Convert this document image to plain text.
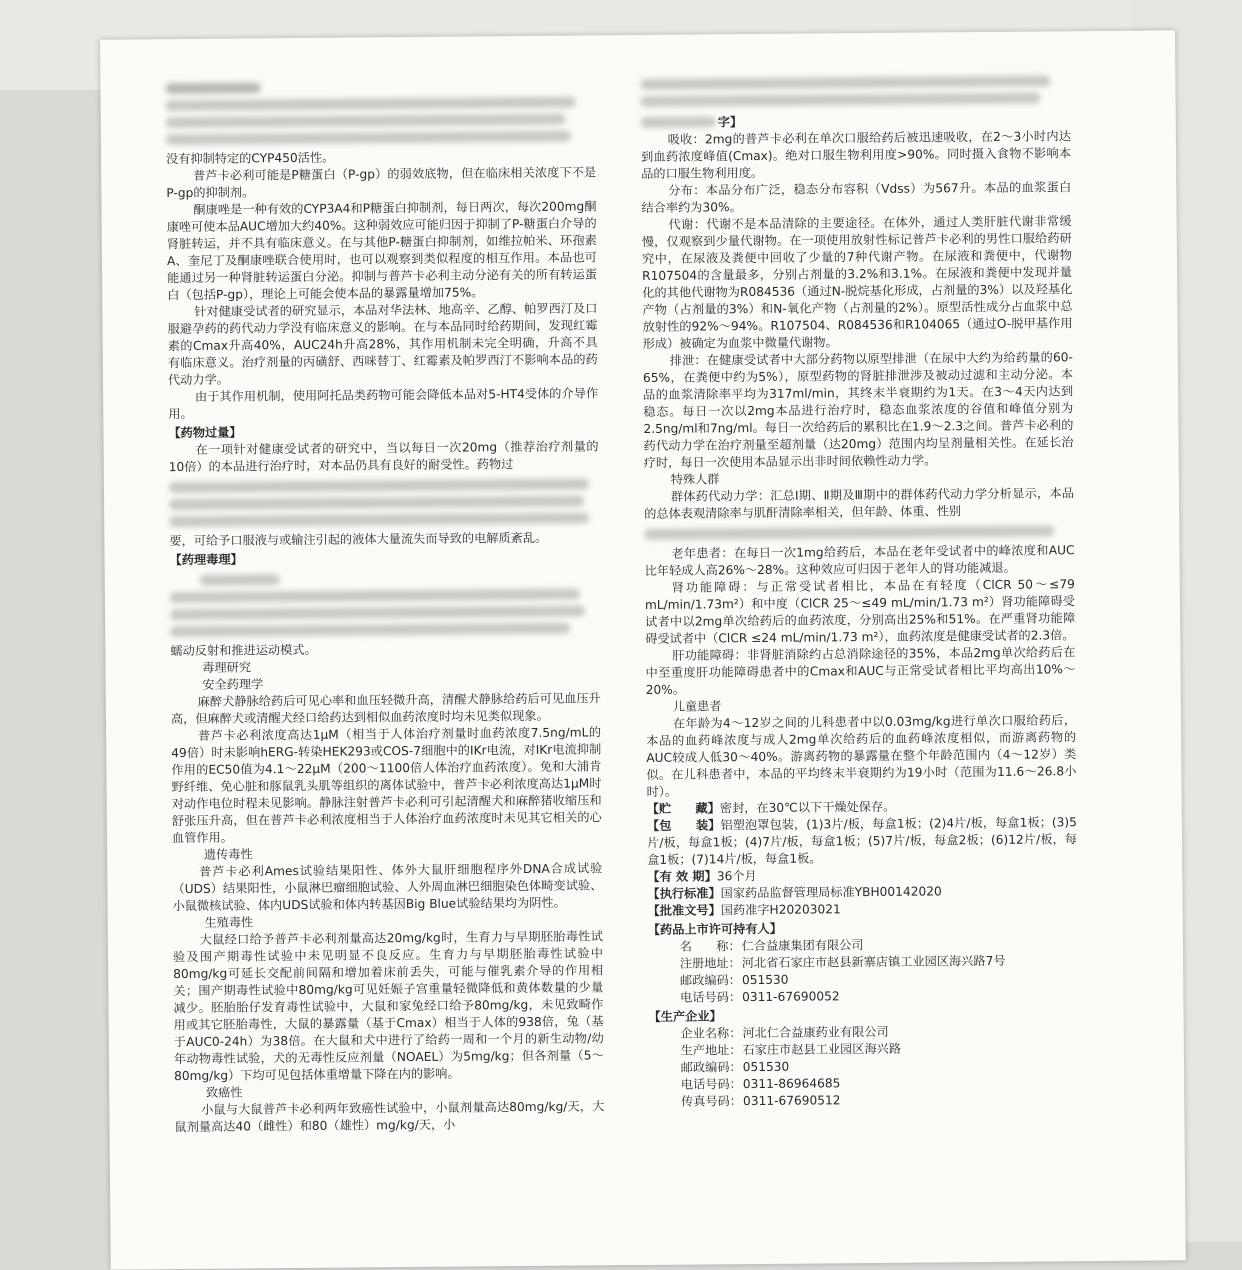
没有抑制特定的CYP450活性。

普芦卡必利可能是P糖蛋白（P-gp）的弱效底物，但在临床相关浓度下不是P-gp的抑制剂。

酮康唑是一种有效的CYP3A4和P糖蛋白抑制剂，每日两次，每次200mg酮康唑可使本品AUC增加大约40%。这种弱效应可能归因于抑制了P-糖蛋白介导的肾脏转运，并不具有临床意义。在与其他P-糖蛋白抑制剂，如维拉帕米、环孢素A、奎尼丁及酮康唑联合使用时，也可以观察到类似程度的相互作用。本品也可能通过另一种肾脏转运蛋白分泌。抑制与普芦卡必利主动分泌有关的所有转运蛋白（包括P-gp），理论上可能会使本品的暴露量增加75%。

针对健康受试者的研究显示，本品对华法林、地高辛、乙醇、帕罗西汀及口服避孕药的药代动力学没有临床意义的影响。在与本品同时给药期间，发现红霉素的Cmax升高40%，AUC24h升高28%，其作用机制未完全明确，升高不具有临床意义。治疗剂量的丙磺舒、西咪替丁、红霉素及帕罗西汀不影响本品的药代动力学。

由于其作用机制，使用阿托品类药物可能会降低本品对5-HT4受体的介导作用。

【药物过量】

在一项针对健康受试者的研究中，当以每日一次20mg（推荐治疗剂量的10倍）的本品进行治疗时，对本品仍具有良好的耐受性。药物过

要，可给予口服液与或输注引起的液体大量流失而导致的电解质紊乱。

【药理毒理】

蠕动反射和推进运动模式。

毒理研究

安全药理学

麻醉犬静脉给药后可见心率和血压轻微升高，清醒犬静脉给药后可见血压升高，但麻醉犬或清醒犬经口给药达到相似血药浓度时均未见类似现象。

普芦卡必利浓度高达1μM（相当于人体治疗剂量时血药浓度7.5ng/mL的49倍）时未影响hERG-转染HEK293或COS-7细胞中的IKr电流，对IKr电流抑制作用的EC50值为4.1～22μM（200～1100倍人体治疗血药浓度）。免和大浦肯野纤维、免心脏和豚鼠乳头肌等组织的离体试验中，普芦卡必利浓度高达1μM时对动作电位时程未见影响。静脉注射普芦卡必利可引起清醒犬和麻醉猪收缩压和舒张压升高，但在普芦卡必利浓度相当于人体治疗血药浓度时未见其它相关的心血管作用。

遗传毒性

普芦卡必利Ames试验结果阳性、体外大鼠肝细胞程序外DNA合成试验（UDS）结果阳性，小鼠淋巴瘤细胞试验、人外周血淋巴细胞染色体畸变试验、小鼠微核试验、体内UDS试验和体内转基因Big Blue试验结果均为阴性。

生殖毒性

大鼠经口给予普芦卡必利剂量高达20mg/kg时，生育力与早期胚胎毒性试验及围产期毒性试验中未见明显不良反应。生育力与早期胚胎毒性试验中80mg/kg可延长交配前间隔和增加着床前丢失，可能与催乳素介导的作用相关；围产期毒性试验中80mg/kg可见妊娠子宫重量轻微降低和黄体数量的少量减少。胚胎胎仔发育毒性试验中，大鼠和家兔经口给予80mg/kg，未见致畸作用或其它胚胎毒性，大鼠的暴露量（基于Cmax）相当于人体的938倍，兔（基于AUC0-24h）为38倍。在大鼠和犬中进行了给药一周和一个月的新生动物/幼年动物毒性试验，犬的无毒性反应剂量（NOAEL）为5mg/kg；但各剂量（5～80mg/kg）下均可见包括体重增量下降在内的影响。

致癌性

小鼠与大鼠普芦卡必利两年致癌性试验中，小鼠剂量高达80mg/kg/天，大鼠剂量高达40（雌性）和80（雄性）mg/kg/天，小

字】

吸收：2mg的普芦卡必利在单次口服给药后被迅速吸收，在2～3小时内达到血药浓度峰值(Cmax)。绝对口服生物利用度>90%。同时摄入食物不影响本品的口服生物利用度。

分布：本品分布广泛，稳态分布容积（Vdss）为567升。本品的血浆蛋白结合率约为30%。

代谢：代谢不是本品清除的主要途径。在体外，通过人类肝脏代谢非常缓慢，仅观察到少量代谢物。在一项使用放射性标记普芦卡必利的男性口服给药研究中，在尿液及粪便中回收了少量的7种代谢产物。在尿液和粪便中，代谢物R107504的含量最多，分别占剂量的3.2%和3.1%。在尿液和粪便中发现并量化的其他代谢物为R084536（通过N-脱烷基化形成，占剂量的3%）以及羟基化产物（占剂量的3%）和N-氧化产物（占剂量的2%）。原型活性成分占血浆中总放射性的92%～94%。R107504、R084536和R104065（通过O-脱甲基作用形成）被确定为血浆中微量代谢物。

排泄：在健康受试者中大部分药物以原型排泄（在尿中大约为给药量的60-65%，在粪便中约为5%），原型药物的肾脏排泄涉及被动过滤和主动分泌。本品的血浆清除率平均为317ml/min，其终末半衰期约为1天。在3～4天内达到稳态。每日一次以2mg本品进行治疗时，稳态血浆浓度的谷值和峰值分别为2.5ng/ml和7ng/ml。每日一次给药后的累积比在1.9～2.3之间。普芦卡必利的药代动力学在治疗剂量至超剂量（达20mg）范围内均呈剂量相关性。在延长治疗时，每日一次使用本品显示出非时间依赖性动力学。

特殊人群

群体药代动力学：汇总Ⅰ期、Ⅱ期及Ⅲ期中的群体药代动力学分析显示，本品的总体表观清除率与肌酐清除率相关，但年龄、体重、性别

老年患者：在每日一次1mg给药后，本品在老年受试者中的峰浓度和AUC比年轻成人高26%～28%。这种效应可归因于老年人的肾功能减退。

肾功能障碍：与正常受试者相比，本品在有轻度（ClCR 50～≤79 mL/min/1.73m²）和中度（ClCR 25～≤49 mL/min/1.73 m²）肾功能障碍受试者中以2mg单次给药后的血药浓度，分别高出25%和51%。在严重肾功能障碍受试者中（ClCR ≤24 mL/min/1.73 m²），血药浓度是健康受试者的2.3倍。

肝功能障碍：非肾脏消除约占总消除途径的35%，本品2mg单次给药后在中至重度肝功能障碍患者中的Cmax和AUC与正常受试者相比平均高出10%～20%。

儿童患者

在年龄为4～12岁之间的儿科患者中以0.03mg/kg进行单次口服给药后，本品的血药峰浓度与成人2mg单次给药后的血药峰浓度相似，而游离药物的AUC较成人低30～40%。游离药物的暴露量在整个年龄范围内（4～12岁）类似。在儿科患者中，本品的平均终末半衰期约为19小时（范围为11.6～26.8小时）。

【贮　　藏】密封，在30℃以下干燥处保存。

【包　　装】铝塑泡罩包装，(1)3片/板，每盒1板；(2)4片/板，每盒1板；(3)5片/板，每盒1板；(4)7片/板，每盒1板；(5)7片/板，每盒2板；(6)12片/板，每盒1板；(7)14片/板，每盒1板。

【有 效 期】36个月

【执行标准】国家药品监督管理局标准YBH00142020

【批准文号】国药准字H20203021

【药品上市许可持有人】

名　　称：仁合益康集团有限公司
注册地址：河北省石家庄市赵县新寨店镇工业园区海兴路7号
邮政编码：051530
电话号码：0311-67690052

【生产企业】

企业名称：河北仁合益康药业有限公司
生产地址：石家庄市赵县工业园区海兴路
邮政编码：051530
电话号码：0311-86964685
传真号码：0311-67690512
